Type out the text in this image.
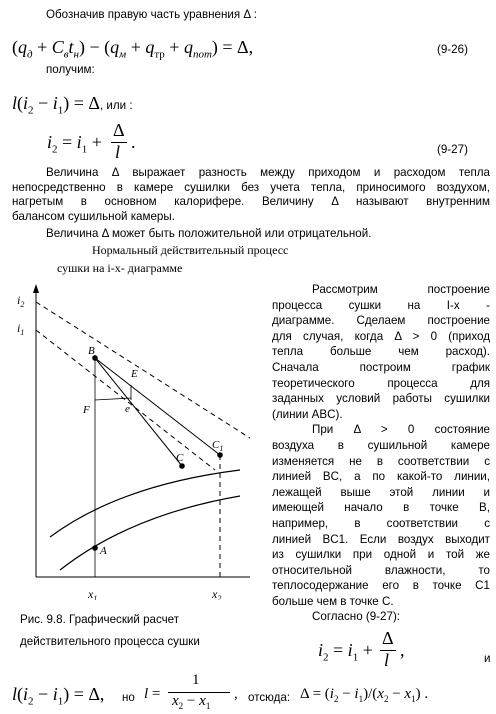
Обозначив правую часть уравнения Δ :
$(q_д + C_вt_н) - (q_м + q_{тр} + q_{пот}) = \Delta$,	(9-26)
получим:
$l(i_2 - i_1) = \Delta$, или :
$i_2 = i_1$ +
Δ
l .	(9-27)
Величина Δ выражает разность между приходом и расходом тепла
непосредственно в камере сушилки без учета тепла, приносимого воздухом,
нагретым в основном калорифере. Величину Δ называют внутренним
балансом сушильной камеры.
Величина Δ может быть положительной или отрицательной.
Нормальный действительный процесс
сушки на i-x- диаграмме
$i_2$
$i_1$
B
E
e
F
C
$C_1$
A
$x_1$	$x_2$
Рис. 9.8. Графический расчет
действительного процесса сушки
Рассмотрим построение
процесса сушки на I-x -
диаграмме. Сделаем построение
для случая, когда Δ > 0 (приход
тепла больше чем расход).
Сначала построим график
теоретического процесса для
заданных условий работы сушилки
(линии ABC).
При Δ > 0 состояние
воздуха в сушильной камере
изменяется не в соответствии с
линией BC, а по какой-то линии,
лежащей выше этой линии и
имеющей начало в точке B,
например, в соответствии с
линией BC1. Если воздух выходит
из сушилки при одной и той же
относительной влажности, то
теплосодержание его в точке C1
больше чем в точке C.
Согласно (9-27):
$i_2 = i_1$ +
Δ
l ,	и
$l(i_2 - i_1) = \Delta$, но l =
1
$x_2 - x_1$
, отсюда: $\Delta = (i_2 - i_1)/(x_2 - x_1)$ .
